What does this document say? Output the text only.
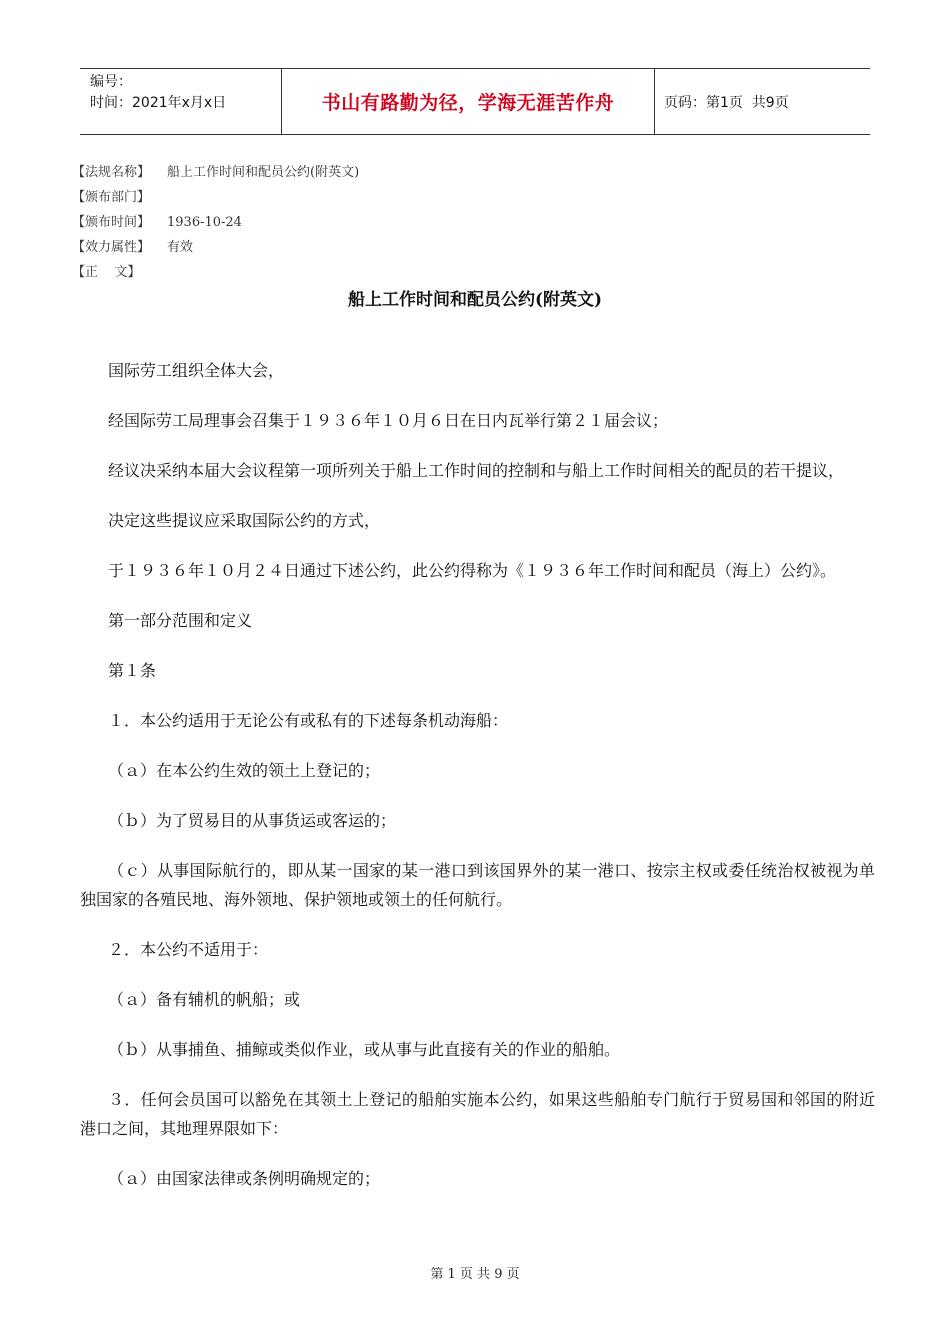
编号：
时间：2021年x月x日	书山有路勤为径，学海无涯苦作舟	页码：第1页  共9页
【法规名称】	船上工作时间和配员公约(附英文)
【颁布部门】
【颁布时间】	1936-10-24
【效力属性】	有效
【正    文】
船上工作时间和配员公约(附英文)

国际劳工组织全体大会，

经国际劳工局理事会召集于１９３６年１０月６日在日内瓦举行第２１届会议；

经议决采纳本届大会议程第一项所列关于船上工作时间的控制和与船上工作时间相关的配员的若干提议，

决定这些提议应采取国际公约的方式，

于１９３６年１０月２４日通过下述公约，此公约得称为《１９３６年工作时间和配员（海上）公约》。

第一部分范围和定义

第１条

１．本公约适用于无论公有或私有的下述每条机动海船：

（ａ）在本公约生效的领土上登记的；

（ｂ）为了贸易目的从事货运或客运的；

（ｃ）从事国际航行的，即从某一国家的某一港口到该国界外的某一港口、按宗主权或委任统治权被视为单独国家的各殖民地、海外领地、保护领地或领土的任何航行。

２．本公约不适用于：

（ａ）备有辅机的帆船；或

（ｂ）从事捕鱼、捕鲸或类似作业，或从事与此直接有关的作业的船舶。

３．任何会员国可以豁免在其领土上登记的船舶实施本公约，如果这些船舶专门航行于贸易国和邻国的附近港口之间，其地理界限如下：

（ａ）由国家法律或条例明确规定的；

第 1 页 共 9 页
